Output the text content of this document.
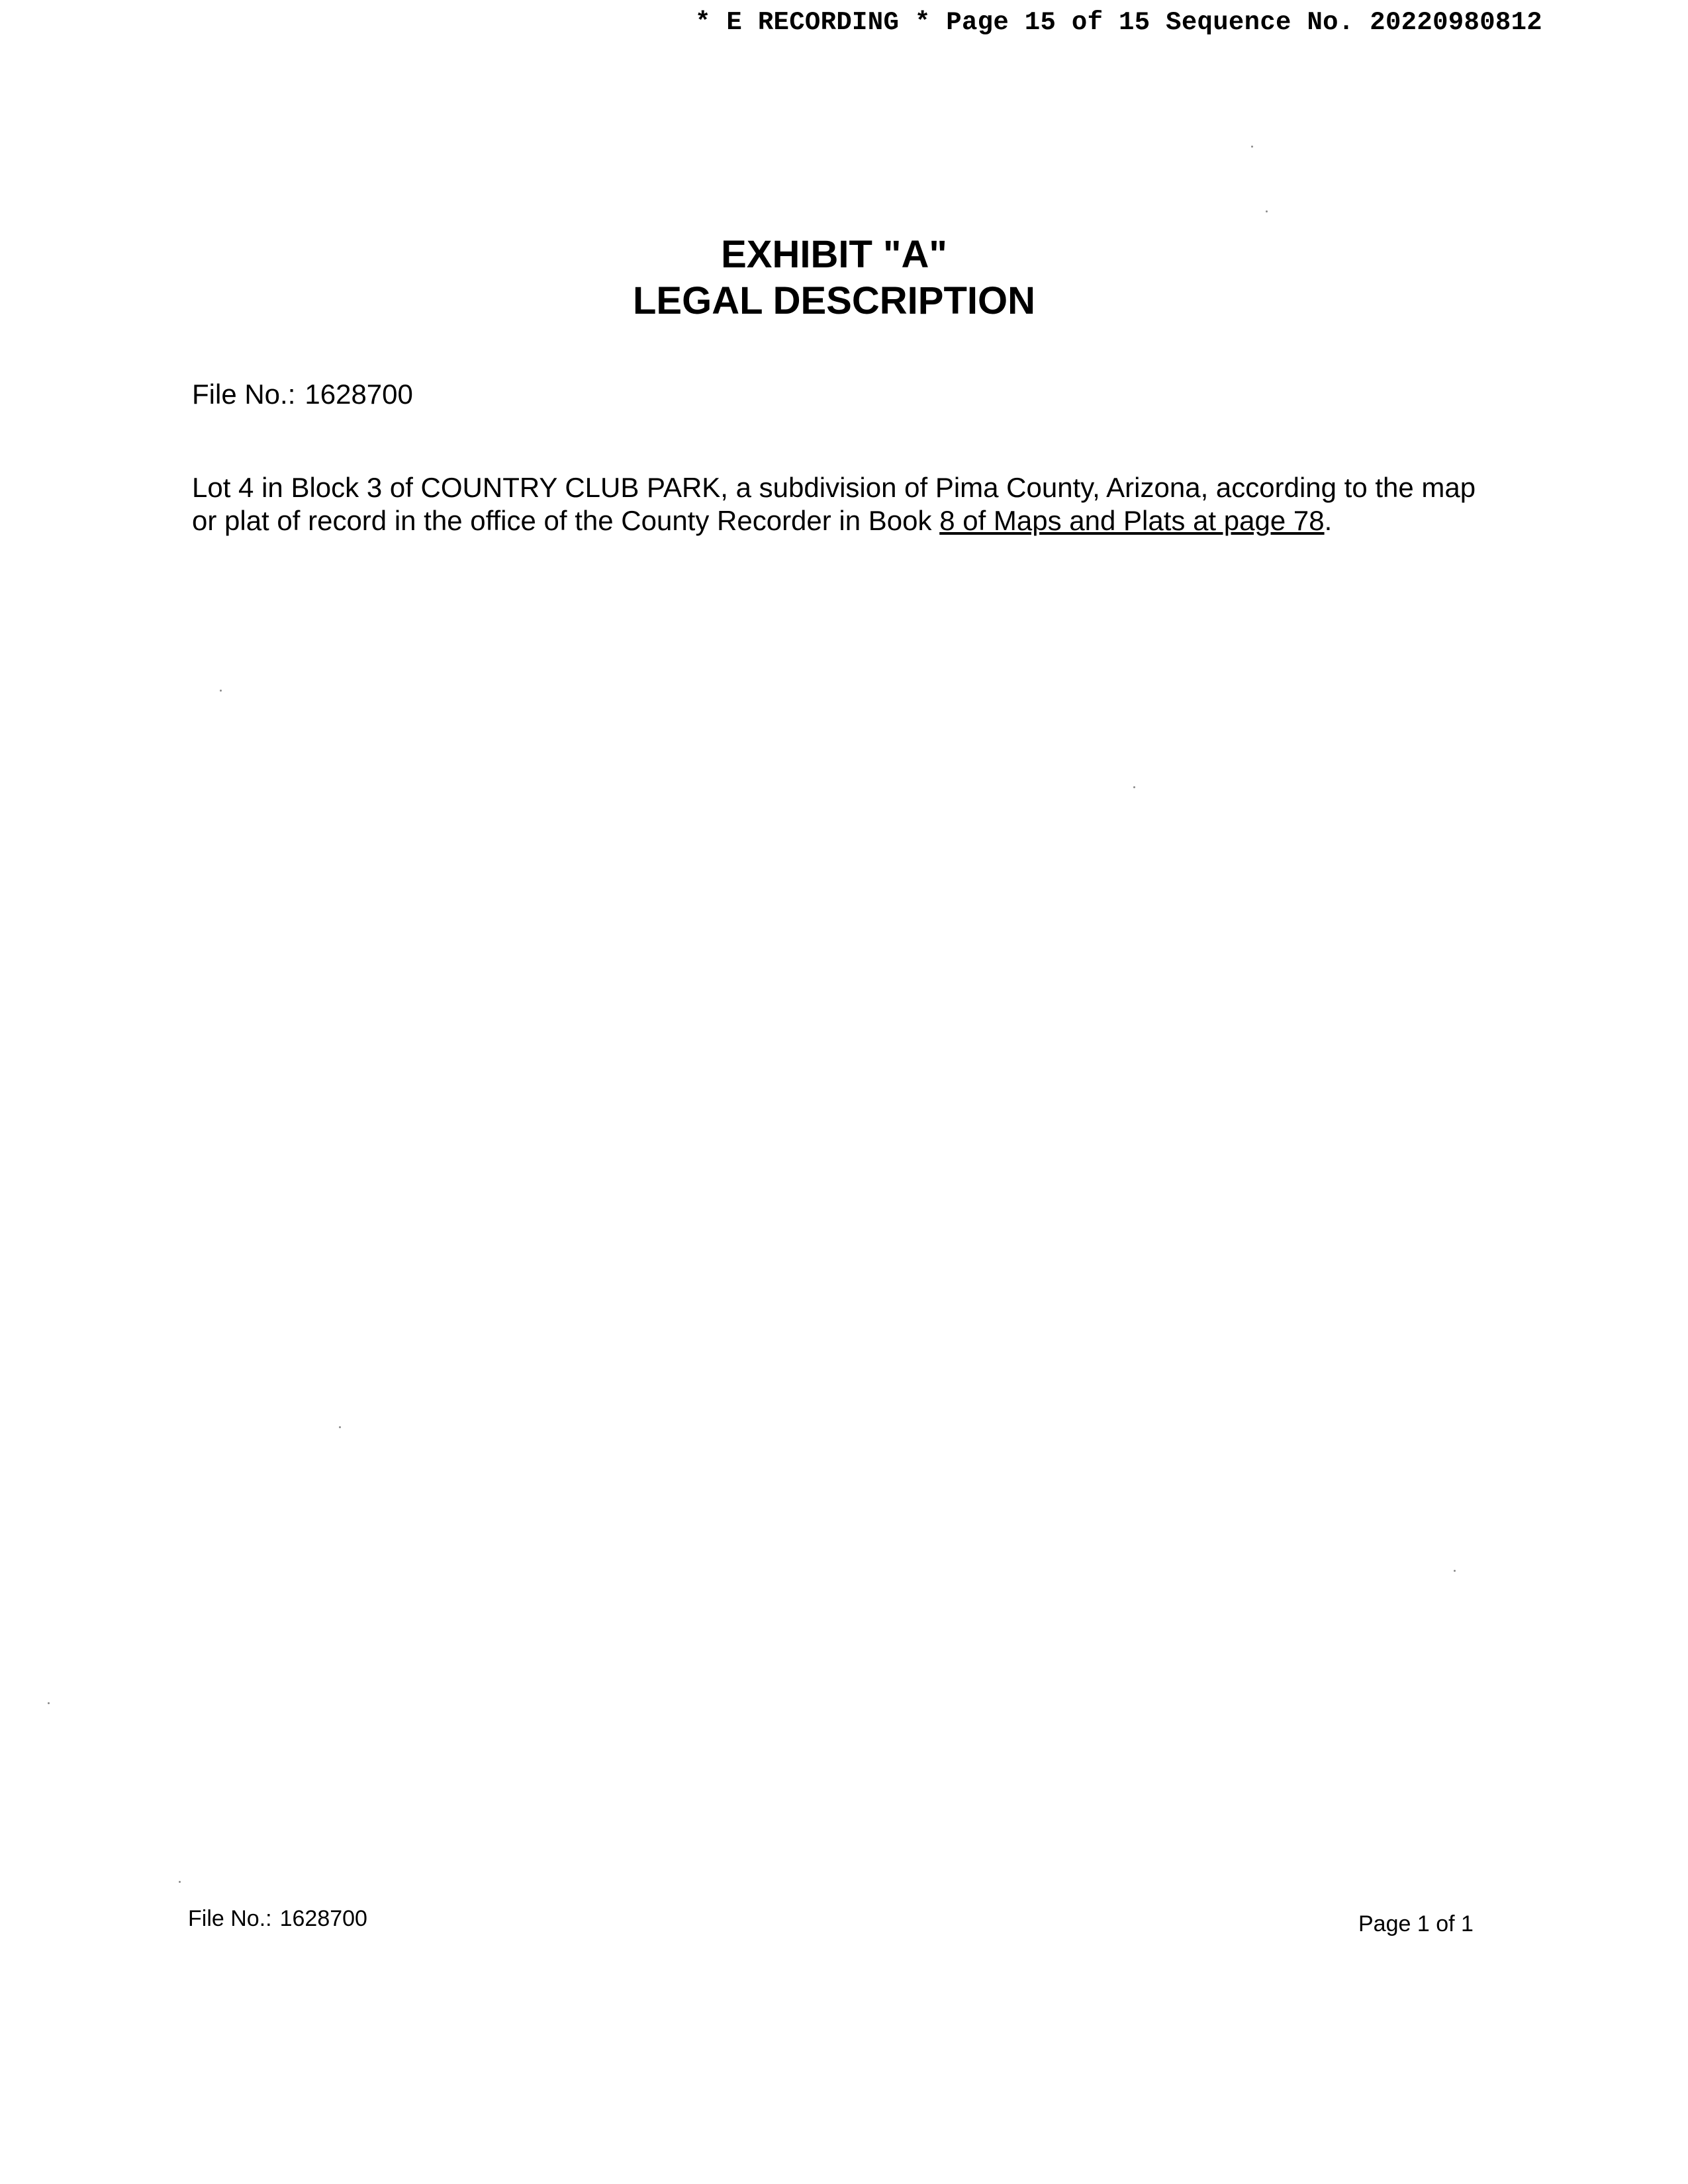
* E RECORDING * Page 15 of 15 Sequence No. 20220980812
EXHIBIT "A"
LEGAL DESCRIPTION
File No.: 1628700
Lot 4 in Block 3 of COUNTRY CLUB PARK, a subdivision of Pima County, Arizona, according to the map
or plat of record in the office of the County Recorder in Book 8 of Maps and Plats at page 78.
File No.: 1628700	Page 1 of 1
